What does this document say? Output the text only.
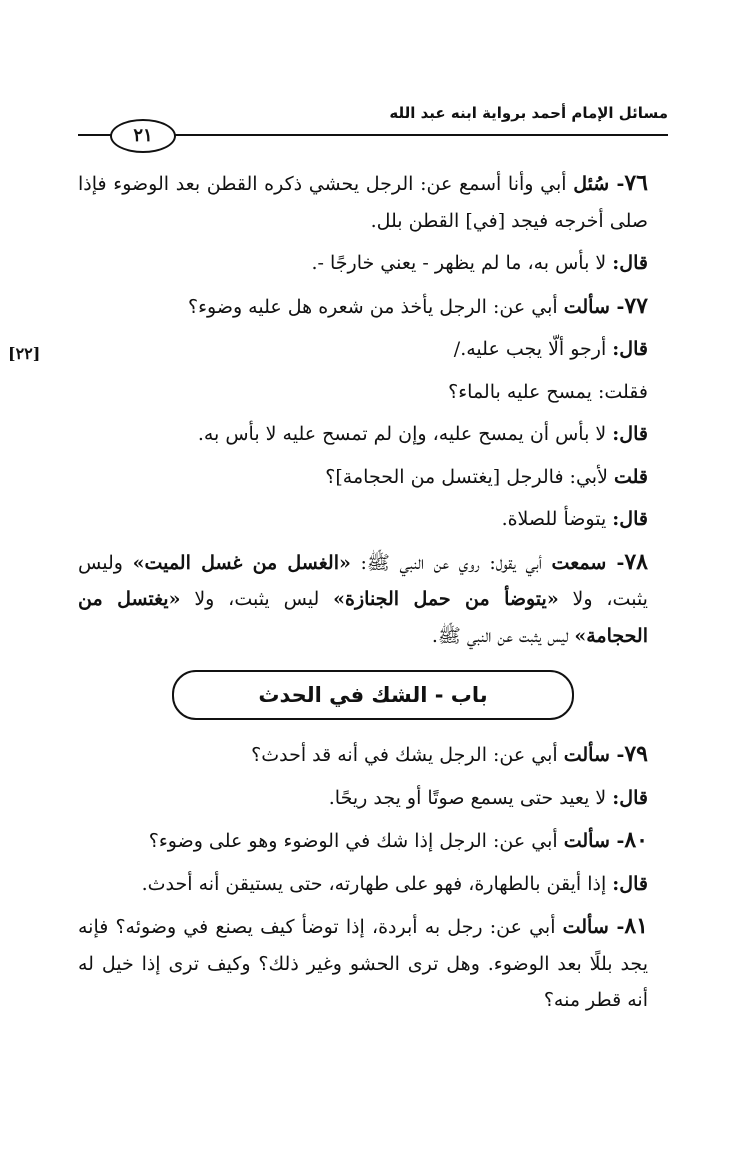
مسائل الإمام أحمد برواية ابنه عبد الله
٢١
[٢٢]

٧٦- سُئل أبي وأنا أسمع عن: الرجل يحشي ذكره القطن بعد الوضوء فإذا صلى أخرجه فيجد [في] القطن بلل.

قال: لا بأس به، ما لم يظهر - يعني خارجًا -.

٧٧- سألت أبي عن: الرجل يأخذ من شعره هل عليه وضوء؟

قال: أرجو ألّا يجب عليه./

فقلت: يمسح عليه بالماء؟

قال: لا بأس أن يمسح عليه، وإن لم تمسح عليه لا بأس به.

قلت لأبي: فالرجل [يغتسل من الحجامة]؟

قال: يتوضأ للصلاة.

٧٨- سمعت أبي يقول: روي عن النبي ﷺ: «الغسل من غسل الميت» وليس يثبت، ولا «يتوضأ من حمل الجنازة» ليس يثبت، ولا «يغتسل من الحجامة» ليس يثبت عن النبي ﷺ.

باب - الشك في الحدث

٧٩- سألت أبي عن: الرجل يشك في أنه قد أحدث؟

قال: لا يعيد حتى يسمع صوتًا أو يجد ريحًا.

٨٠- سألت أبي عن: الرجل إذا شك في الوضوء وهو على وضوء؟

قال: إذا أيقن بالطهارة، فهو على طهارته، حتى يستيقن أنه أحدث.

٨١- سألت أبي عن: رجل به أبردة، إذا توضأ كيف يصنع في وضوئه؟ فإنه يجد بللًا بعد الوضوء. وهل ترى الحشو وغير ذلك؟ وكيف ترى إذا خيل له أنه قطر منه؟
